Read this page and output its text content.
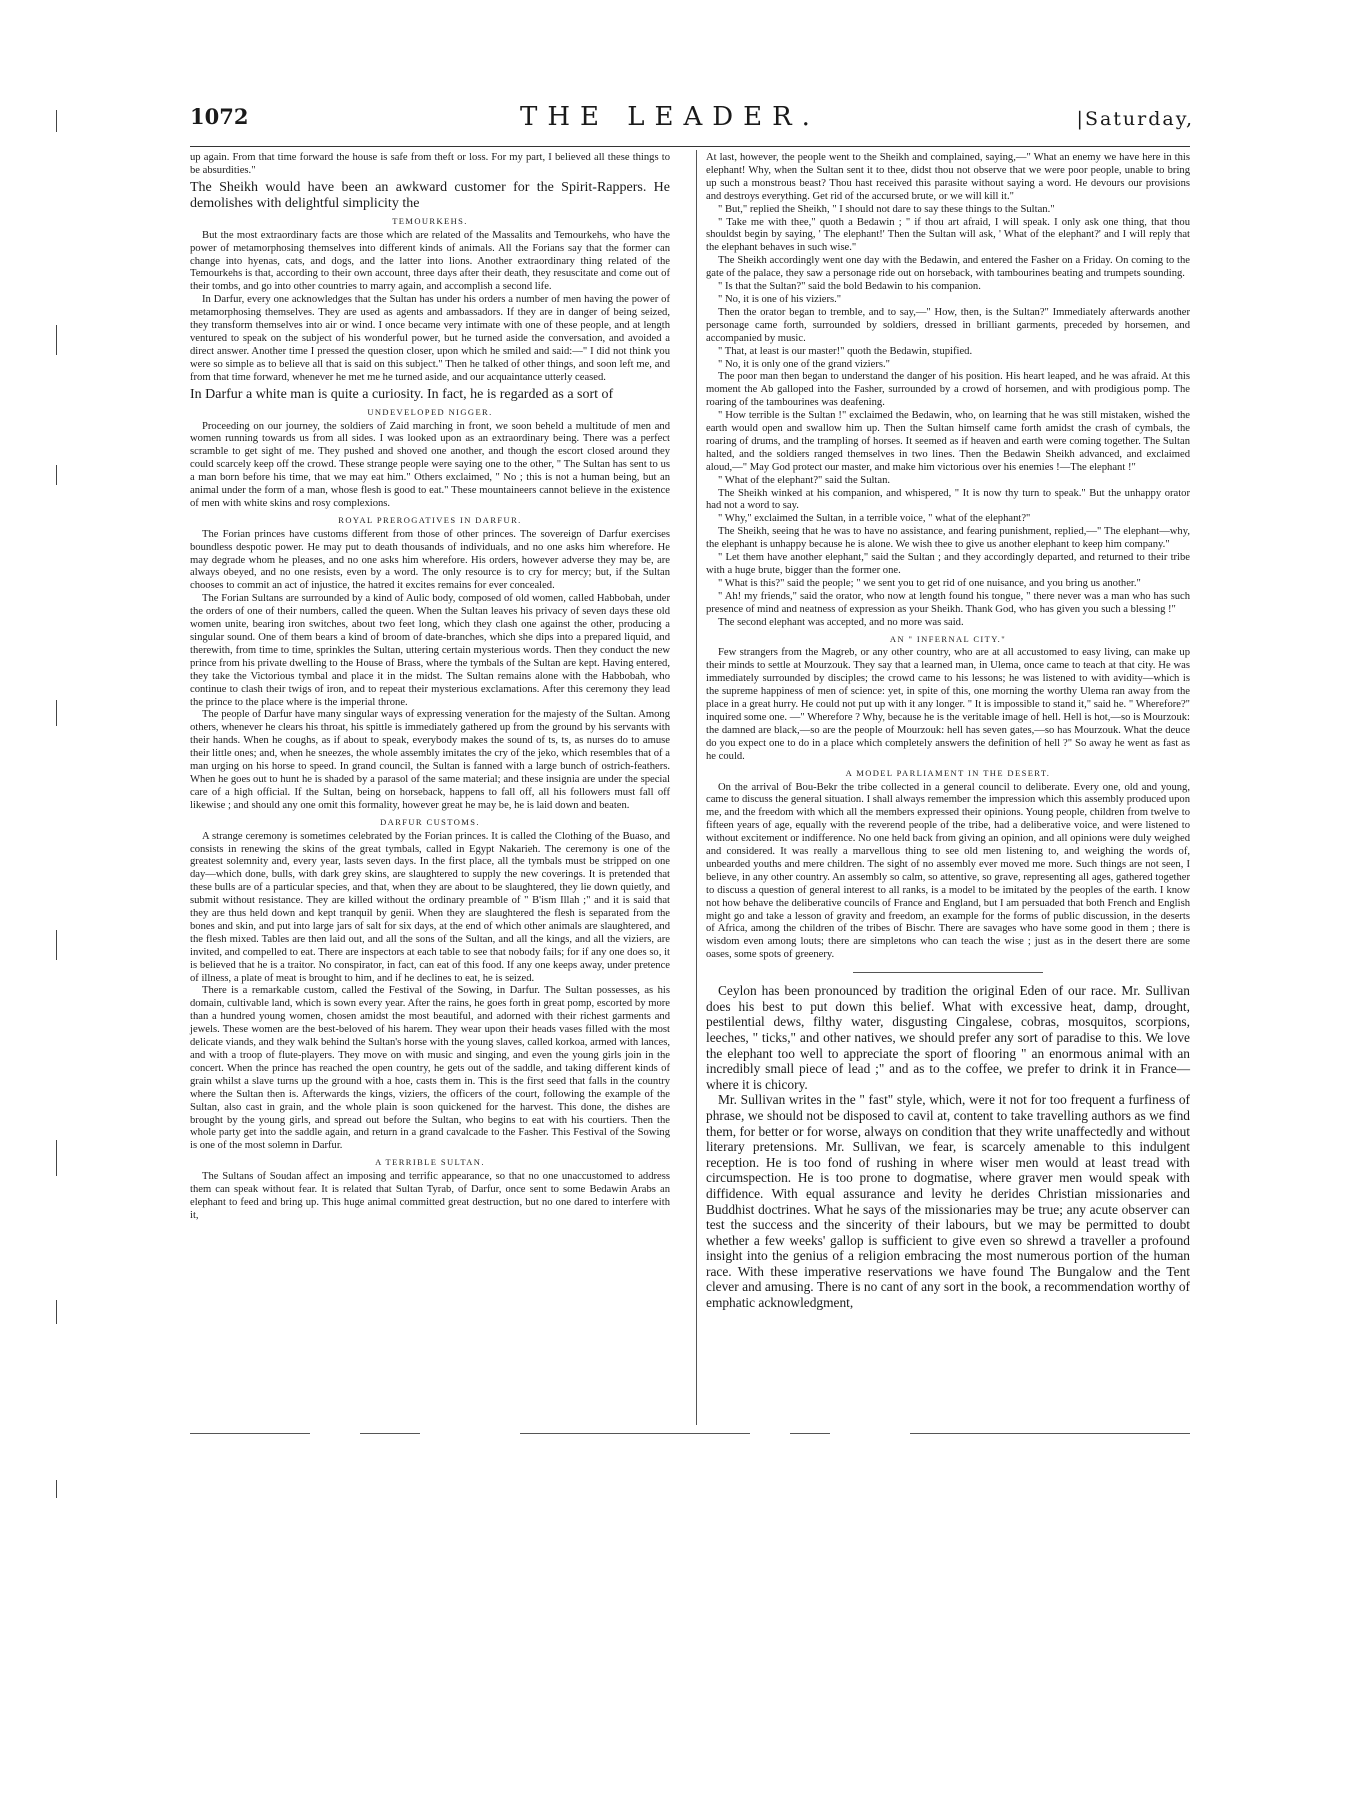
1072	THE LEADER.	|Saturday,

up again. From that time forward the house is safe from theft or loss. For my part, I believed all these things to be absurdities."

The Sheikh would have been an awkward customer for the Spirit-Rappers. He demolishes with delightful simplicity the

TEMOURKEHS.

But the most extraordinary facts are those which are related of the Massalits and Temourkehs, who have the power of metamorphosing themselves into different kinds of animals. All the Forians say that the former can change into hyenas, cats, and dogs, and the latter into lions. Another extraordinary thing related of the Temourkehs is that, according to their own account, three days after their death, they resuscitate and come out of their tombs, and go into other countries to marry again, and accomplish a second life.

In Darfur, every one acknowledges that the Sultan has under his orders a number of men having the power of metamorphosing themselves. They are used as agents and ambassadors. If they are in danger of being seized, they transform themselves into air or wind. I once became very intimate with one of these people, and at length ventured to speak on the subject of his wonderful power, but he turned aside the conversation, and avoided a direct answer. Another time I pressed the question closer, upon which he smiled and said:—" I did not think you were so simple as to believe all that is said on this subject." Then he talked of other things, and soon left me, and from that time forward, whenever he met me he turned aside, and our acquaintance utterly ceased.

In Darfur a white man is quite a curiosity. In fact, he is regarded as a sort of

UNDEVELOPED NIGGER.

Proceeding on our journey, the soldiers of Zaid marching in front, we soon beheld a multitude of men and women running towards us from all sides. I was looked upon as an extraordinary being. There was a perfect scramble to get sight of me. They pushed and shoved one another, and though the escort closed around they could scarcely keep off the crowd. These strange people were saying one to the other, " The Sultan has sent to us a man born before his time, that we may eat him." Others exclaimed, " No ; this is not a human being, but an animal under the form of a man, whose flesh is good to eat." These mountaineers cannot believe in the existence of men with white skins and rosy complexions.

ROYAL PREROGATIVES IN DARFUR.

The Forian princes have customs different from those of other princes. The sovereign of Darfur exercises boundless despotic power. He may put to death thousands of individuals, and no one asks him wherefore. He may degrade whom he pleases, and no one asks him wherefore. His orders, however adverse they may be, are always obeyed, and no one resists, even by a word. The only resource is to cry for mercy; but, if the Sultan chooses to commit an act of injustice, the hatred it excites remains for ever concealed.

The Forian Sultans are surrounded by a kind of Aulic body, composed of old women, called Habbobah, under the orders of one of their numbers, called the queen. When the Sultan leaves his privacy of seven days these old women unite, bearing iron switches, about two feet long, which they clash one against the other, producing a singular sound. One of them bears a kind of broom of date-branches, which she dips into a prepared liquid, and therewith, from time to time, sprinkles the Sultan, uttering certain mysterious words. Then they conduct the new prince from his private dwelling to the House of Brass, where the tymbals of the Sultan are kept. Having entered, they take the Victorious tymbal and place it in the midst. The Sultan remains alone with the Habbobah, who continue to clash their twigs of iron, and to repeat their mysterious exclamations. After this ceremony they lead the prince to the place where is the imperial throne.

The people of Darfur have many singular ways of expressing veneration for the majesty of the Sultan. Among others, whenever he clears his throat, his spittle is immediately gathered up from the ground by his servants with their hands. When he coughs, as if about to speak, everybody makes the sound of ts, ts, as nurses do to amuse their little ones; and, when he sneezes, the whole assembly imitates the cry of the jeko, which resembles that of a man urging on his horse to speed. In grand council, the Sultan is fanned with a large bunch of ostrich-feathers. When he goes out to hunt he is shaded by a parasol of the same material; and these insignia are under the special care of a high official. If the Sultan, being on horseback, happens to fall off, all his followers must fall off likewise ; and should any one omit this formality, however great he may be, he is laid down and beaten.

DARFUR CUSTOMS.

A strange ceremony is sometimes celebrated by the Forian princes. It is called the Clothing of the Buaso, and consists in renewing the skins of the great tymbals, called in Egypt Nakarieh. The ceremony is one of the greatest solemnity and, every year, lasts seven days. In the first place, all the tymbals must be stripped on one day—which done, bulls, with dark grey skins, are slaughtered to supply the new coverings. It is pretended that these bulls are of a particular species, and that, when they are about to be slaughtered, they lie down quietly, and submit without resistance. They are killed without the ordinary preamble of " B'ism Illah ;" and it is said that they are thus held down and kept tranquil by genii. When they are slaughtered the flesh is separated from the bones and skin, and put into large jars of salt for six days, at the end of which other animals are slaughtered, and the flesh mixed. Tables are then laid out, and all the sons of the Sultan, and all the kings, and all the viziers, are invited, and compelled to eat. There are inspectors at each table to see that nobody fails; for if any one does so, it is believed that he is a traitor. No conspirator, in fact, can eat of this food. If any one keeps away, under pretence of illness, a plate of meat is brought to him, and if he declines to eat, he is seized.

There is a remarkable custom, called the Festival of the Sowing, in Darfur. The Sultan possesses, as his domain, cultivable land, which is sown every year. After the rains, he goes forth in great pomp, escorted by more than a hundred young women, chosen amidst the most beautiful, and adorned with their richest garments and jewels. These women are the best-beloved of his harem. They wear upon their heads vases filled with the most delicate viands, and they walk behind the Sultan's horse with the young slaves, called korkoa, armed with lances, and with a troop of flute-players. They move on with music and singing, and even the young girls join in the concert. When the prince has reached the open country, he gets out of the saddle, and taking different kinds of grain whilst a slave turns up the ground with a hoe, casts them in. This is the first seed that falls in the country where the Sultan then is. Afterwards the kings, viziers, the officers of the court, following the example of the Sultan, also cast in grain, and the whole plain is soon quickened for the harvest. This done, the dishes are brought by the young girls, and spread out before the Sultan, who begins to eat with his courtiers. Then the whole party get into the saddle again, and return in a grand cavalcade to the Fasher. This Festival of the Sowing is one of the most solemn in Darfur.

A TERRIBLE SULTAN.

The Sultans of Soudan affect an imposing and terrific appearance, so that no one unaccustomed to address them can speak without fear. It is related that Sultan Tyrab, of Darfur, once sent to some Bedawin Arabs an elephant to feed and bring up. This huge animal committed great destruction, but no one dared to interfere with it,

At last, however, the people went to the Sheikh and complained, saying,—" What an enemy we have here in this elephant! Why, when the Sultan sent it to thee, didst thou not observe that we were poor people, unable to bring up such a monstrous beast? Thou hast received this parasite without saying a word. He devours our provisions and destroys everything. Get rid of the accursed brute, or we will kill it."

" But," replied the Sheikh, " I should not dare to say these things to the Sultan."

" Take me with thee," quoth a Bedawin ; " if thou art afraid, I will speak. I only ask one thing, that thou shouldst begin by saying, ' The elephant!' Then the Sultan will ask, ' What of the elephant?' and I will reply that the elephant behaves in such wise."

The Sheikh accordingly went one day with the Bedawin, and entered the Fasher on a Friday. On coming to the gate of the palace, they saw a personage ride out on horseback, with tambourines beating and trumpets sounding.

" Is that the Sultan?" said the bold Bedawin to his companion.

" No, it is one of his viziers."

Then the orator began to tremble, and to say,—" How, then, is the Sultan?" Immediately afterwards another personage came forth, surrounded by soldiers, dressed in brilliant garments, preceded by horsemen, and accompanied by music.

" That, at least is our master!" quoth the Bedawin, stupified.

" No, it is only one of the grand viziers."

The poor man then began to understand the danger of his position. His heart leaped, and he was afraid. At this moment the Ab galloped into the Fasher, surrounded by a crowd of horsemen, and with prodigious pomp. The roaring of the tambourines was deafening.

" How terrible is the Sultan !" exclaimed the Bedawin, who, on learning that he was still mistaken, wished the earth would open and swallow him up. Then the Sultan himself came forth amidst the crash of cymbals, the roaring of drums, and the trampling of horses. It seemed as if heaven and earth were coming together. The Sultan halted, and the soldiers ranged themselves in two lines. Then the Bedawin Sheikh advanced, and exclaimed aloud,—" May God protect our master, and make him victorious over his enemies !—The elephant !"

" What of the elephant?" said the Sultan.

The Sheikh winked at his companion, and whispered, " It is now thy turn to speak." But the unhappy orator had not a word to say.

" Why," exclaimed the Sultan, in a terrible voice, " what of the elephant?"

The Sheikh, seeing that he was to have no assistance, and fearing punishment, replied,—" The elephant—why, the elephant is unhappy because he is alone. We wish thee to give us another elephant to keep him company."

" Let them have another elephant," said the Sultan ; and they accordingly departed, and returned to their tribe with a huge brute, bigger than the former one.

" What is this?" said the people; " we sent you to get rid of one nuisance, and you bring us another."

" Ah! my friends," said the orator, who now at length found his tongue, " there never was a man who has such presence of mind and neatness of expression as your Sheikh. Thank God, who has given you such a blessing !"

The second elephant was accepted, and no more was said.

AN " INFERNAL CITY."

Few strangers from the Magreb, or any other country, who are at all accustomed to easy living, can make up their minds to settle at Mourzouk. They say that a learned man, in Ulema, once came to teach at that city. He was immediately surrounded by disciples; the crowd came to his lessons; he was listened to with avidity—which is the supreme happiness of men of science: yet, in spite of this, one morning the worthy Ulema ran away from the place in a great hurry. He could not put up with it any longer. " It is impossible to stand it," said he. " Wherefore?" inquired some one. —" Wherefore ? Why, because he is the veritable image of hell. Hell is hot,—so is Mourzouk: the damned are black,—so are the people of Mourzouk: hell has seven gates,—so has Mourzouk. What the deuce do you expect one to do in a place which completely answers the definition of hell ?" So away he went as fast as he could.

A MODEL PARLIAMENT IN THE DESERT.

On the arrival of Bou-Bekr the tribe collected in a general council to deliberate. Every one, old and young, came to discuss the general situation. I shall always remember the impression which this assembly produced upon me, and the freedom with which all the members expressed their opinions. Young people, children from twelve to fifteen years of age, equally with the reverend people of the tribe, had a deliberative voice, and were listened to without excitement or indifference. No one held back from giving an opinion, and all opinions were duly weighed and considered. It was really a marvellous thing to see old men listening to, and weighing the words of, unbearded youths and mere children. The sight of no assembly ever moved me more. Such things are not seen, I believe, in any other country. An assembly so calm, so attentive, so grave, representing all ages, gathered together to discuss a question of general interest to all ranks, is a model to be imitated by the peoples of the earth. I know not how behave the deliberative councils of France and England, but I am persuaded that both French and English might go and take a lesson of gravity and freedom, an example for the forms of public discussion, in the deserts of Africa, among the children of the tribes of Bischr. There are savages who have some good in them ; there is wisdom even among louts; there are simpletons who can teach the wise ; just as in the desert there are some oases, some spots of greenery.

Ceylon has been pronounced by tradition the original Eden of our race. Mr. Sullivan does his best to put down this belief. What with excessive heat, damp, drought, pestilential dews, filthy water, disgusting Cingalese, cobras, mosquitos, scorpions, leeches, " ticks," and other natives, we should prefer any sort of paradise to this. We love the elephant too well to appreciate the sport of flooring " an enormous animal with an incredibly small piece of lead ;" and as to the coffee, we prefer to drink it in France— where it is chicory.

Mr. Sullivan writes in the " fast" style, which, were it not for too frequent a furfiness of phrase, we should not be disposed to cavil at, content to take travelling authors as we find them, for better or for worse, always on condition that they write unaffectedly and without literary pretensions. Mr. Sullivan, we fear, is scarcely amenable to this indulgent reception. He is too fond of rushing in where wiser men would at least tread with circumspection. He is too prone to dogmatise, where graver men would speak with diffidence. With equal assurance and levity he derides Christian missionaries and Buddhist doctrines. What he says of the missionaries may be true; any acute observer can test the success and the sincerity of their labours, but we may be permitted to doubt whether a few weeks' gallop is sufficient to give even so shrewd a traveller a profound insight into the genius of a religion embracing the most numerous portion of the human race. With these imperative reservations we have found The Bungalow and the Tent clever and amusing. There is no cant of any sort in the book, a recommendation worthy of emphatic acknowledgment,
